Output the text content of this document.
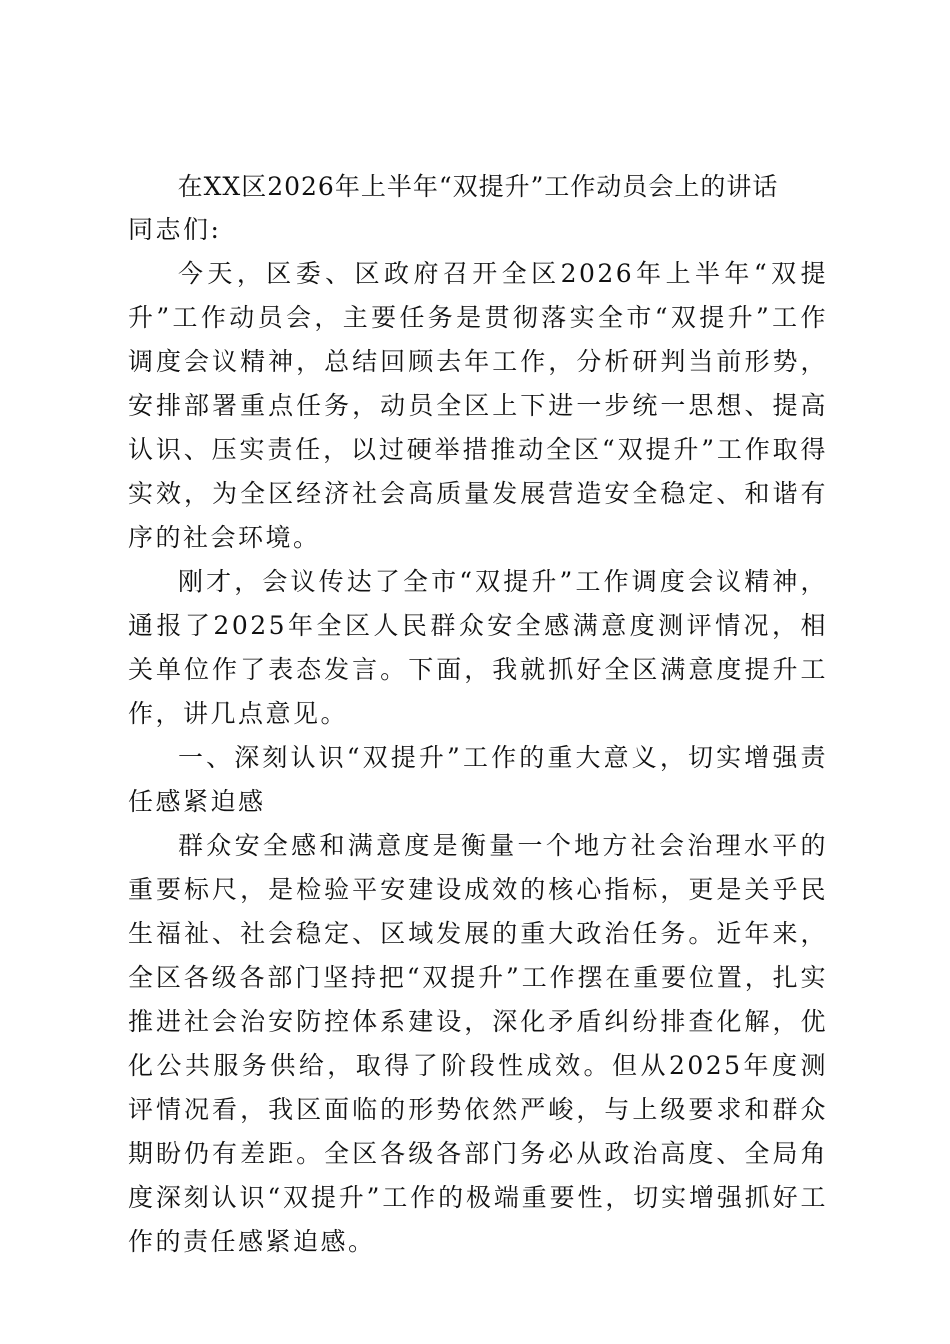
在XX区2026年上半年“双提升”工作动员会上的讲话

同志们:

今天，区委、区政府召开全区2026年上半年“双提升”工作动员会，主要任务是贯彻落实全市“双提升”工作调度会议精神，总结回顾去年工作，分析研判当前形势，安排部署重点任务，动员全区上下进一步统一思想、提高认识、压实责任，以过硬举措推动全区“双提升”工作取得实效，为全区经济社会高质量发展营造安全稳定、和谐有序的社会环境。

刚才，会议传达了全市“双提升”工作调度会议精神，通报了2025年全区人民群众安全感满意度测评情况，相关单位作了表态发言。下面，我就抓好全区满意度提升工作，讲几点意见。

一、深刻认识“双提升”工作的重大意义，切实增强责任感紧迫感

群众安全感和满意度是衡量一个地方社会治理水平的重要标尺，是检验平安建设成效的核心指标，更是关乎民生福祉、社会稳定、区域发展的重大政治任务。近年来，全区各级各部门坚持把“双提升”工作摆在重要位置，扎实推进社会治安防控体系建设，深化矛盾纠纷排查化解，优化公共服务供给，取得了阶段性成效。但从2025年度测评情况看，我区面临的形势依然严峻，与上级要求和群众期盼仍有差距。全区各级各部门务必从政治高度、全局角度深刻认识“双提升”工作的极端重要性，切实增强抓好工作的责任感紧迫感。
